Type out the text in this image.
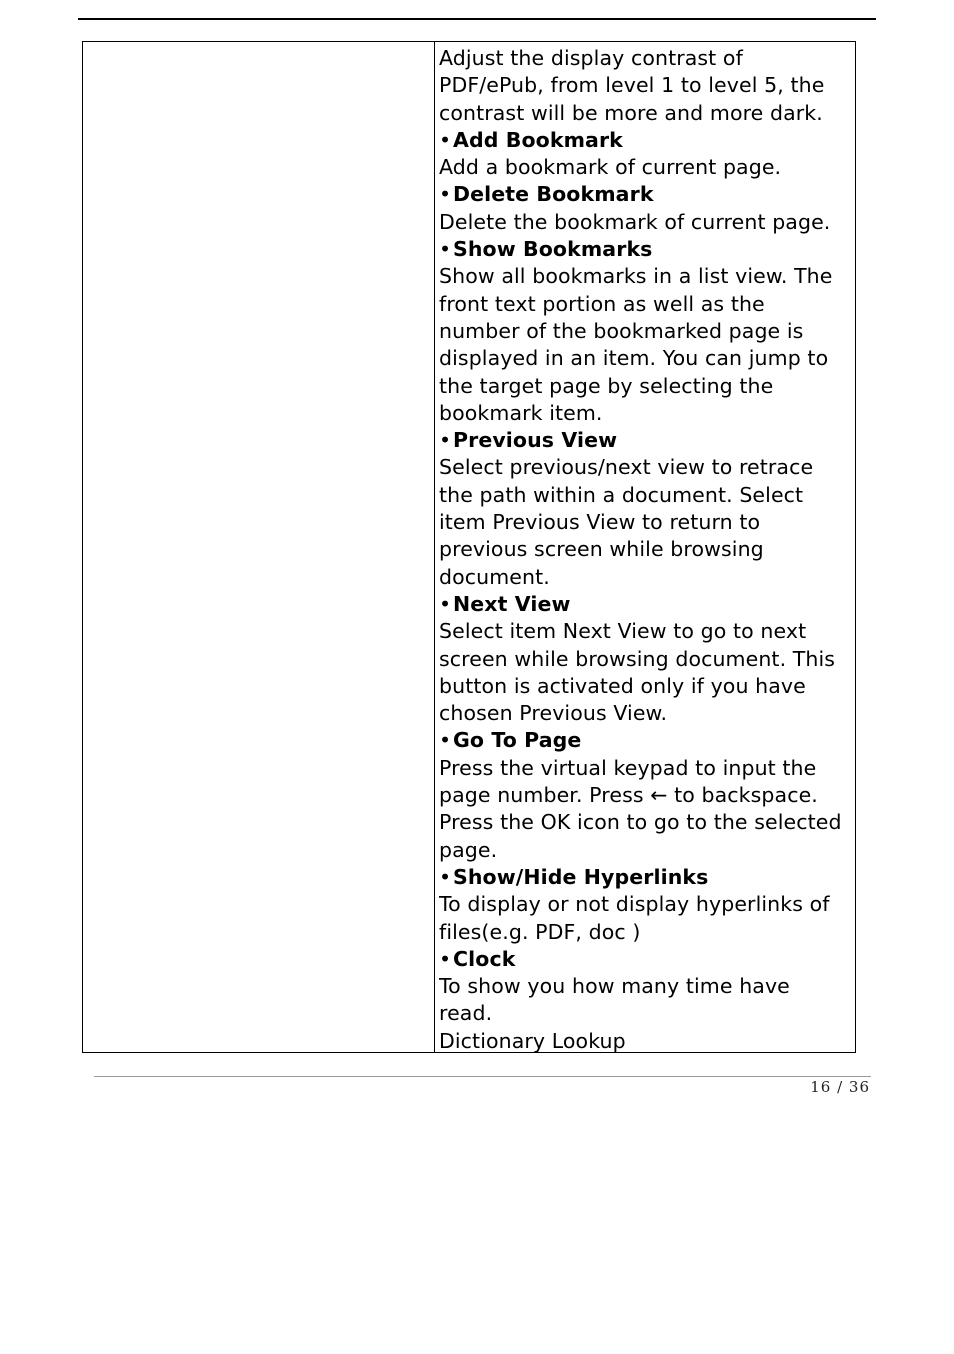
Adjust the display contrast of
PDF/ePub, from level 1 to level 5, the
contrast will be more and more dark.
•Add Bookmark
Add a bookmark of current page.
•Delete Bookmark
Delete the bookmark of current page.
•Show Bookmarks
Show all bookmarks in a list view. The
front text portion as well as the
number of the bookmarked page is
displayed in an item. You can jump to
the target page by selecting the
bookmark item.
•Previous View
Select previous/next view to retrace
the path within a document. Select
item Previous View to return to
previous screen while browsing
document.
•Next View
Select item Next View to go to next
screen while browsing document. This
button is activated only if you have
chosen Previous View.
•Go To Page
Press the virtual keypad to input the
page number. Press ← to backspace.
Press the OK icon to go to the selected
page.
•Show/Hide Hyperlinks
To display or not display hyperlinks of
files(e.g. PDF, doc )
•Clock
To show you how many time have
read.
Dictionary Lookup
16 / 36
